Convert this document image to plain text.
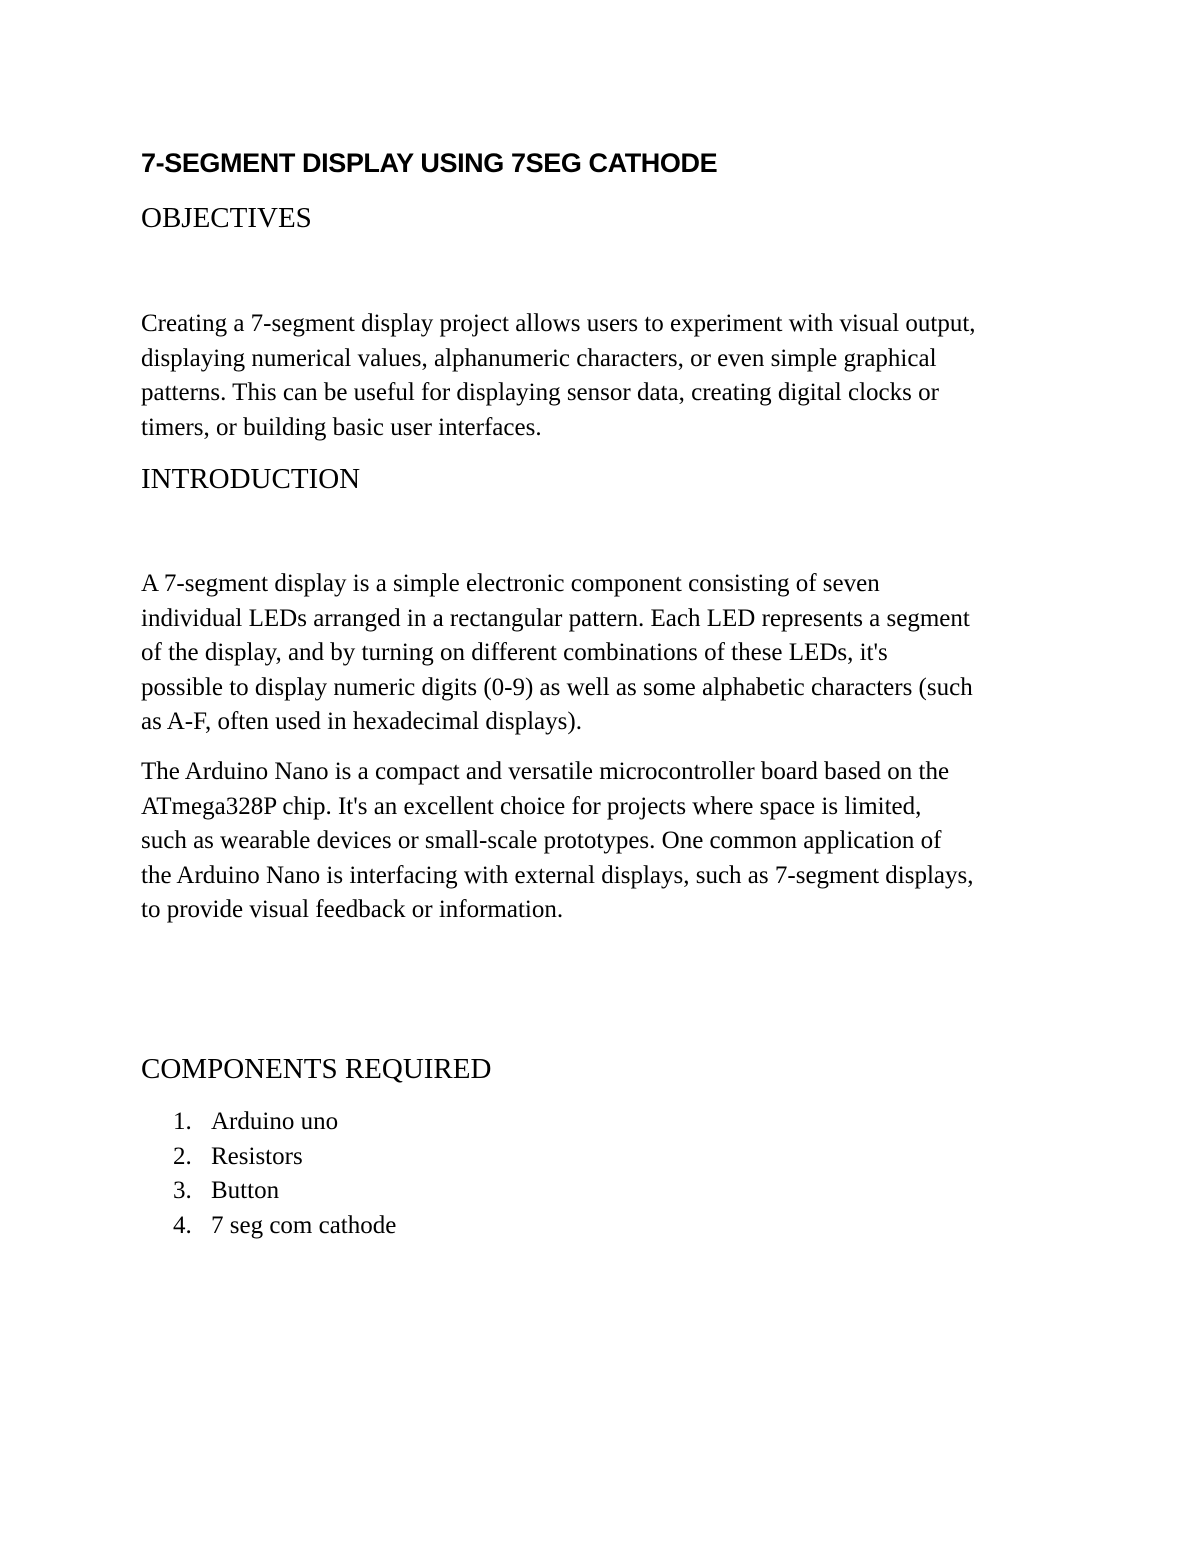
7-SEGMENT DISPLAY USING 7SEG CATHODE
OBJECTIVES

Creating a 7-segment display project allows users to experiment with visual output,
displaying numerical values, alphanumeric characters, or even simple graphical
patterns. This can be useful for displaying sensor data, creating digital clocks or
timers, or building basic user interfaces.

INTRODUCTION

A 7-segment display is a simple electronic component consisting of seven
individual LEDs arranged in a rectangular pattern. Each LED represents a segment
of the display, and by turning on different combinations of these LEDs, it's
possible to display numeric digits (0-9) as well as some alphabetic characters (such
as A-F, often used in hexadecimal displays).

The Arduino Nano is a compact and versatile microcontroller board based on the
ATmega328P chip. It's an excellent choice for projects where space is limited,
such as wearable devices or small-scale prototypes. One common application of
the Arduino Nano is interfacing with external displays, such as 7-segment displays,
to provide visual feedback or information.

COMPONENTS REQUIRED
1. Arduino uno
2. Resistors
3. Button
4. 7 seg com cathode
